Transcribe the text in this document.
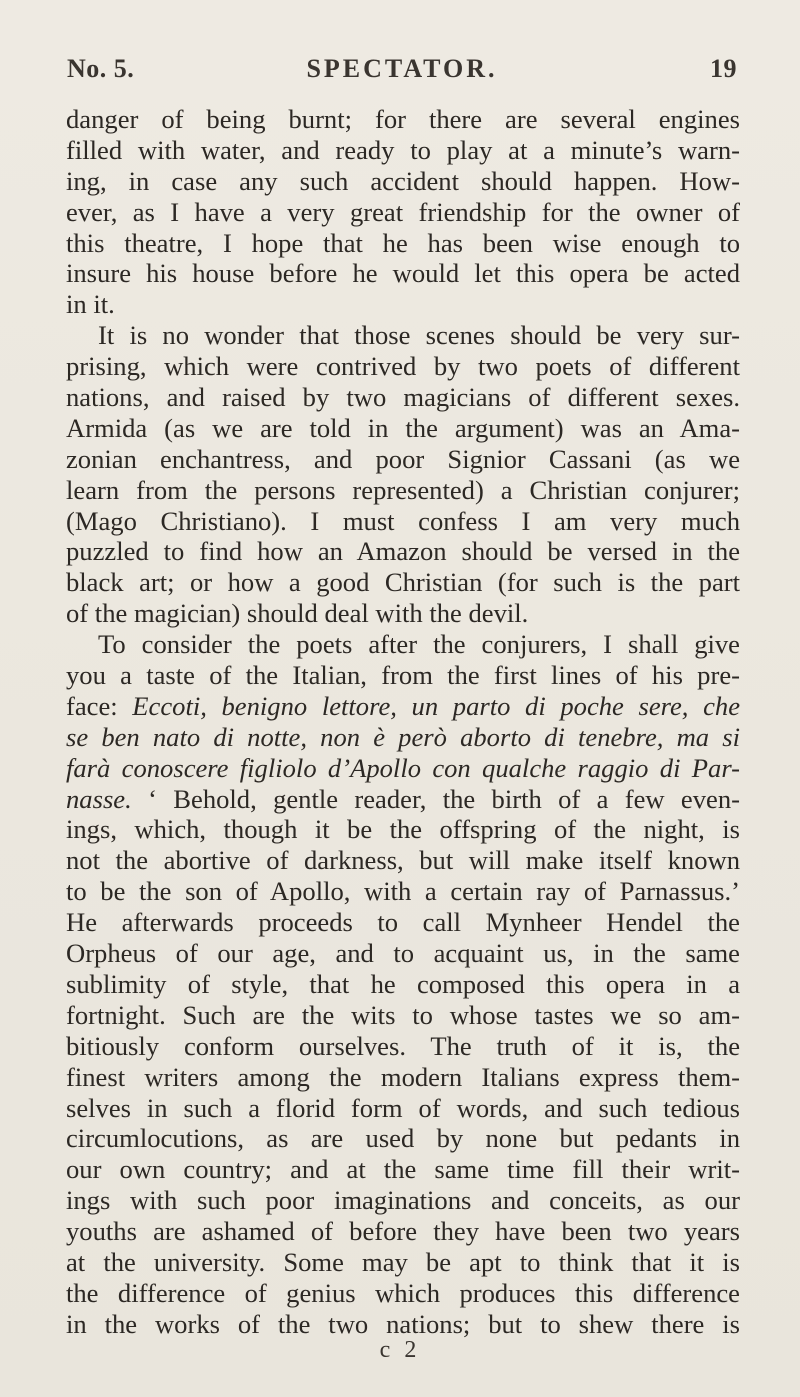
No. 5.	SPECTATOR.	19
danger of being burnt; for there are several engines
filled with water, and ready to play at a minute’s warn-
ing, in case any such accident should happen. How-
ever, as I have a very great friendship for the owner of
this theatre, I hope that he has been wise enough to
insure his house before he would let this opera be acted
in it.
It is no wonder that those scenes should be very sur-
prising, which were contrived by two poets of different
nations, and raised by two magicians of different sexes.
Armida (as we are told in the argument) was an Ama-
zonian enchantress, and poor Signior Cassani (as we
learn from the persons represented) a Christian conjurer;
(Mago Christiano). I must confess I am very much
puzzled to find how an Amazon should be versed in the
black art; or how a good Christian (for such is the part
of the magician) should deal with the devil.
To consider the poets after the conjurers, I shall give
you a taste of the Italian, from the first lines of his pre-
face: Eccoti, benigno lettore, un parto di poche sere, che
se ben nato di notte, non è però aborto di tenebre, ma si
farà conoscere figliolo d’Apollo con qualche raggio di Par-
nasse. ‘ Behold, gentle reader, the birth of a few even-
ings, which, though it be the offspring of the night, is
not the abortive of darkness, but will make itself known
to be the son of Apollo, with a certain ray of Parnassus.’
He afterwards proceeds to call Mynheer Hendel the
Orpheus of our age, and to acquaint us, in the same
sublimity of style, that he composed this opera in a
fortnight. Such are the wits to whose tastes we so am-
bitiously conform ourselves. The truth of it is, the
finest writers among the modern Italians express them-
selves in such a florid form of words, and such tedious
circumlocutions, as are used by none but pedants in
our own country; and at the same time fill their writ-
ings with such poor imaginations and conceits, as our
youths are ashamed of before they have been two years
at the university. Some may be apt to think that it is
the difference of genius which produces this difference
in the works of the two nations; but to shew there is
c 2
